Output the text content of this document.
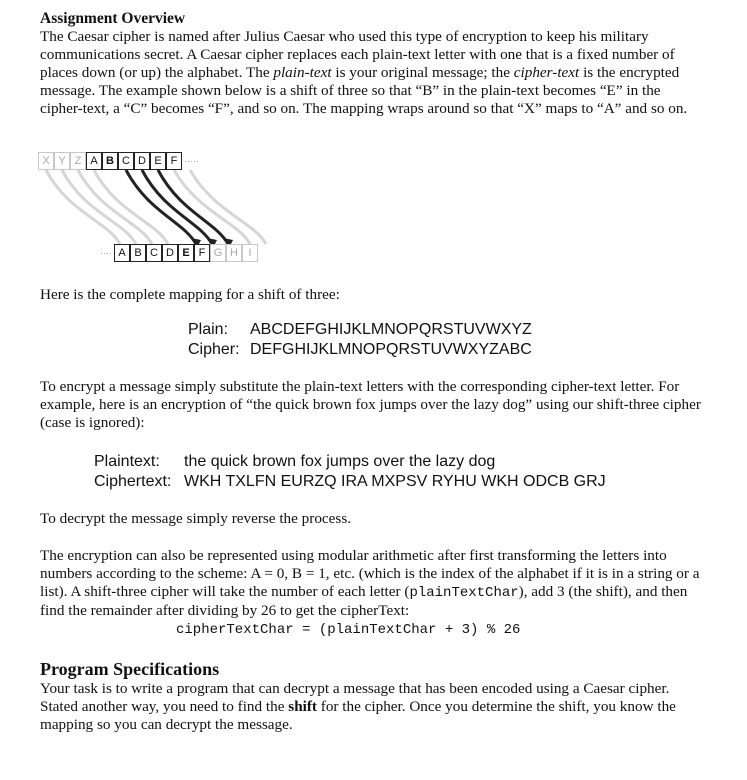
Assignment Overview

The Caesar cipher is named after Julius Caesar who used this type of encryption to keep his military communications secret. A Caesar cipher replaces each plain-text letter with one that is a fixed number of places down (or up) the alphabet. The plain-text is your original message; the cipher-text is the encrypted message. The example shown below is a shift of three so that “B” in the plain-text becomes “E” in the cipher-text, a “C” becomes “F”, and so on. The mapping wraps around so that “X” maps to “A” and so on.

X Y Z A B C D E F ·····
···· A B C D E F G H I

Here is the complete mapping for a shift of three:

Plain: ABCDEFGHIJKLMNOPQRSTUVWXYZ
Cipher: DEFGHIJKLMNOPQRSTUVWXYZABC

To encrypt a message simply substitute the plain-text letters with the corresponding cipher-text letter. For example, here is an encryption of “the quick brown fox jumps over the lazy dog” using our shift-three cipher (case is ignored):

Plaintext: the quick brown fox jumps over the lazy dog
Ciphertext: WKH TXLFN EURZQ IRA MXPSV RYHU WKH ODCB GRJ

To decrypt the message simply reverse the process.

The encryption can also be represented using modular arithmetic after first transforming the letters into numbers according to the scheme: A = 0, B = 1, etc. (which is the index of the alphabet if it is in a string or a list). A shift-three cipher will take the number of each letter (plainTextChar), add 3 (the shift), and then find the remainder after dividing by 26 to get the cipherText:

cipherTextChar = (plainTextChar + 3) % 26
Program Specifications

Your task is to write a program that can decrypt a message that has been encoded using a Caesar cipher. Stated another way, you need to find the shift for the cipher. Once you determine the shift, you know the mapping so you can decrypt the message.
